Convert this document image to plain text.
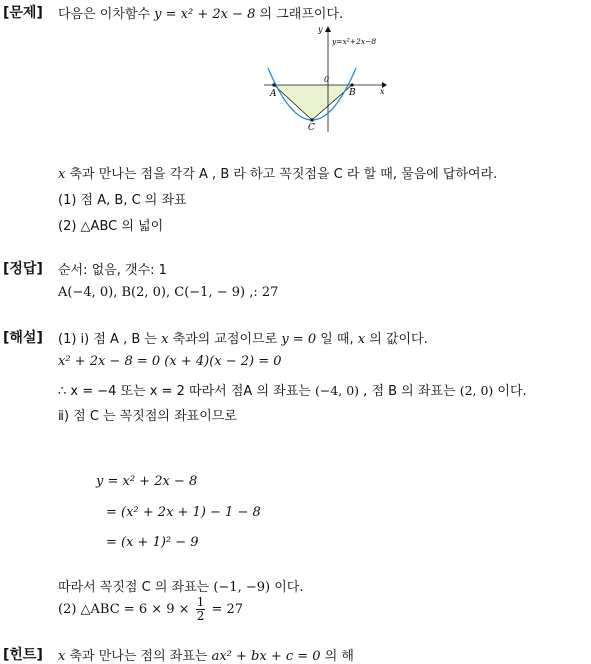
[문제] 다음은 이차함수 y = x² + 2x − 8 의 그래프이다.
y
x
y=x²+2x−8
0
A	B
C
x 축과 만나는 점을 각각 A , B 라 하고 꼭짓점을 C 라 할 때, 물음에 답하여라.
(1) 점 A, B, C 의 좌표
(2) △ABC 의 넓이
[정답] 순서: 없음, 갯수: 1
A(−4, 0), B(2, 0), C(−1, − 9) ,: 27
[해설] (1) ⅰ) 점 A , B 는 x 축과의 교점이므로 y = 0 일 때, x 의 값이다.
x² + 2x − 8 = 0 (x + 4)(x − 2) = 0
∴ x = −4 또는 x = 2 따라서 점A 의 좌표는 (−4, 0) , 점 B 의 좌표는 (2, 0) 이다.
ⅱ) 점 C 는 꼭짓점의 좌표이므로
y = x² + 2x − 8
= (x² + 2x + 1) − 1 − 8
= (x + 1)² − 9
따라서 꼭짓점 C 의 좌표는 (−1, −9) 이다.
(2) △ABC = $6 \times 9 \times \frac{1}{2} = 27$
[힌트] x 축과 만나는 점의 좌표는 ax² + bx + c = 0 의 해
